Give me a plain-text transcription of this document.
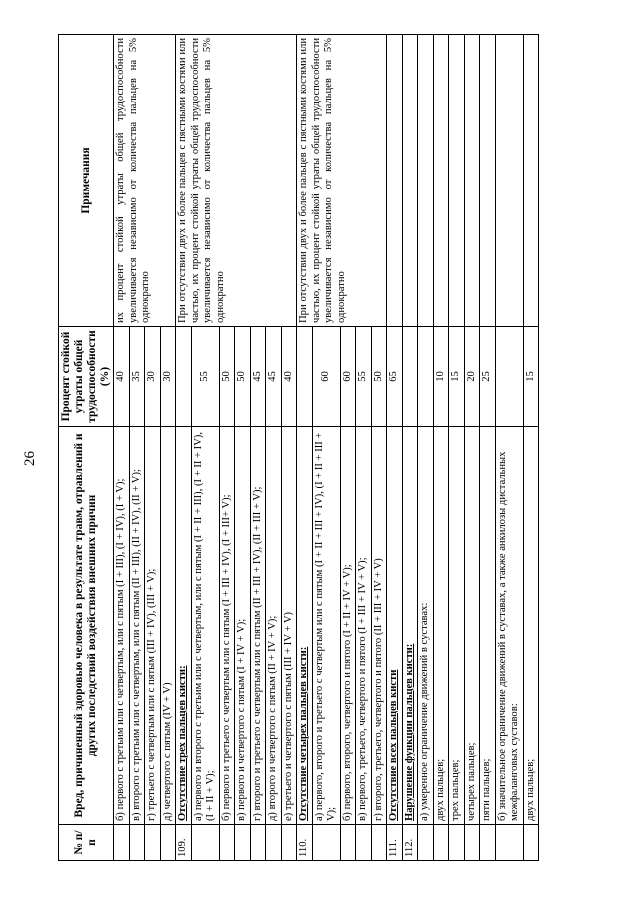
26
№ п/п	Вред, причиненный здоровью человека в результате травм, отравлений и других последствий воздействия внешних причин	Процент стойкой утраты общей трудоспособности (%)	Примечания
	б) первого с третьим или с четвертым, или с пятым (I + III), (I + IV), (I + V);	40	их процент стойкой утраты общей трудоспособности увеличивается независимо от количества пальцев на 5% однократно
	в) второго с третьим или с четвертым, или с пятым (II + III), (II + IV), (II + V);	35	
	г) третьего с четвертым или с пятым (III + IV), (III + V);	30	
	д) четвертого с пятым (IV + V)	30	
109.	Отсутствие трех пальцев кисти:		При отсутствии двух и более пальцев с пястными костями или частью, их процент стойкой утраты общей трудоспособности увеличивается независимо от количества пальцев на 5% однократно
	а) первого и второго с третьим или с четвертым, или с пятым (I + II + III), (I + II + IV), (I + II + V);	55	
	б) первого и третьего с четвертым или с пятым (I + III + IV), (I + III+ V);	50	
	в) первого и четвертого с пятым (I + IV + V);	50	
	г) второго и третьего с четвертым или с пятым (II + III + IV), (II + III + V);	45	
	д) второго и четвертого с пятым (II + IV + V);	45	
	е) третьего и четвертого с пятым (III + IV + V)	40	
110.	Отсутствие четырех пальцев кисти:		При отсутствии двух и более пальцев с пястными костями или частью, их процент стойкой утраты общей трудоспособности увеличивается независимо от количества пальцев на 5% однократно
	а) первого, второго и третьего с четвертым или с пятым (I + II + III + IV), (I + II + III + V);	60	
	б) первого, второго, четвертого и пятого (I + II + IV + V);	60	
	в) первого, третьего, четвертого и пятого (I + III + IV + V);	55	
	г) второго, третьего, четвертого и пятого (II + III + IV + V)	50	
111.	Отсутствие всех пальцев кисти	65	
112.	Нарушение функции пальцев кисти:		
	а) умеренное ограничение движений в суставах:		
	двух пальцев;	10	
	трех пальцев;	15	
	четырех пальцев;	20	
	пяти пальцев;	25	
	б) значительное ограничение движений в суставах, а также анкилозы дистальных межфаланговых суставов:		
	двух пальцев;	15	
